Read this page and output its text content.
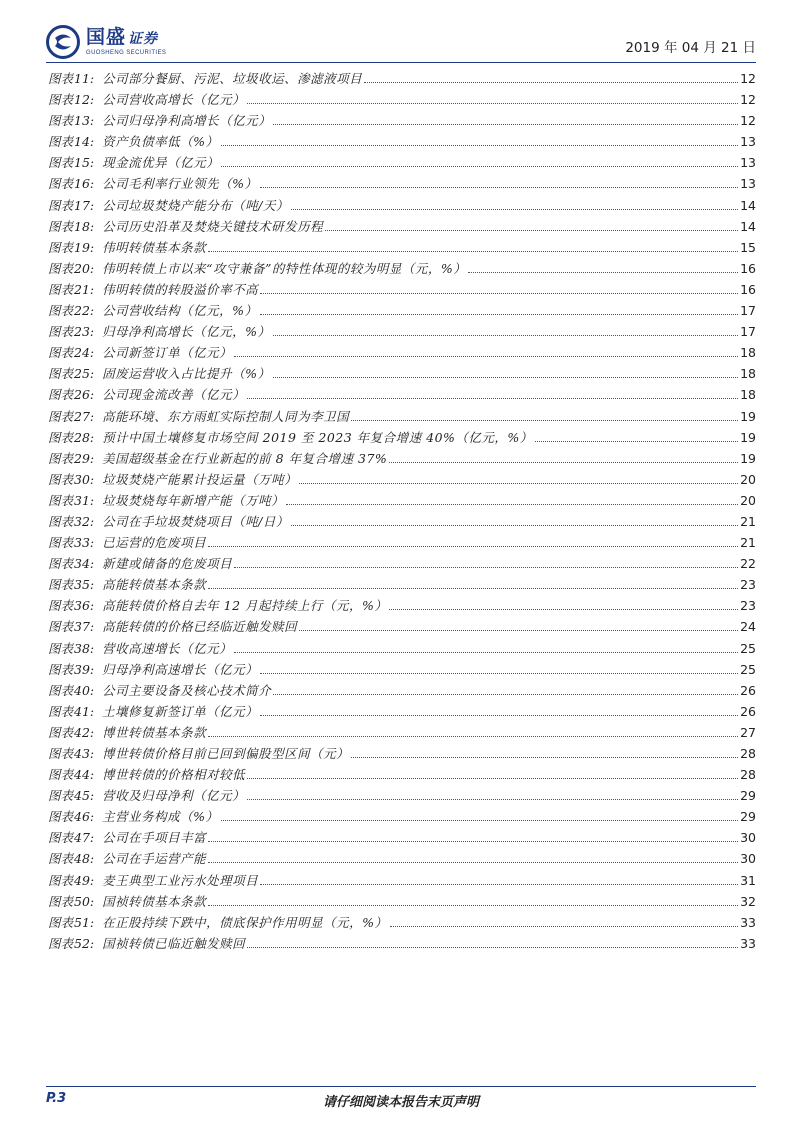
国盛 证券
GUOSHENG SECURITIES	2019 年 04 月 21 日
图表 11: 公司部分餐厨、污泥、垃圾收运、渗滤液项目	12
图表 12: 公司营收高增长（亿元）	12
图表 13: 公司归母净利高增长（亿元）	12
图表 14: 资产负债率低（%）	13
图表 15: 现金流优异（亿元）	13
图表 16: 公司毛利率行业领先（%）	13
图表 17: 公司垃圾焚烧产能分布（吨/天）	14
图表 18: 公司历史沿革及焚烧关键技术研发历程	14
图表 19: 伟明转债基本条款	15
图表 20: 伟明转债上市以来“攻守兼备”的特性体现的较为明显（元，%）	16
图表 21: 伟明转债的转股溢价率不高	16
图表 22: 公司营收结构（亿元，%）	17
图表 23: 归母净利高增长（亿元，%）	17
图表 24: 公司新签订单（亿元）	18
图表 25: 固废运营收入占比提升（%）	18
图表 26: 公司现金流改善（亿元）	18
图表 27: 高能环境、东方雨虹实际控制人同为李卫国	19
图表 28: 预计中国土壤修复市场空间 2019 至 2023 年复合增速 40%（亿元，%）	19
图表 29: 美国超级基金在行业新起的前 8 年复合增速 37%	19
图表 30: 垃圾焚烧产能累计投运量（万吨）	20
图表 31: 垃圾焚烧每年新增产能（万吨）	20
图表 32: 公司在手垃圾焚烧项目（吨/日）	21
图表 33: 已运营的危废项目	21
图表 34: 新建或储备的危废项目	22
图表 35: 高能转债基本条款	23
图表 36: 高能转债价格自去年 12 月起持续上行（元，%）	23
图表 37: 高能转债的价格已经临近触发赎回	24
图表 38: 营收高速增长（亿元）	25
图表 39: 归母净利高速增长（亿元）	25
图表 40: 公司主要设备及核心技术简介	26
图表 41: 土壤修复新签订单（亿元）	26
图表 42: 博世转债基本条款	27
图表 43: 博世转债价格目前已回到偏股型区间（元）	28
图表 44: 博世转债的价格相对较低	28
图表 45: 营收及归母净利（亿元）	29
图表 46: 主营业务构成（%）	29
图表 47: 公司在手项目丰富	30
图表 48: 公司在手运营产能	30
图表 49: 麦王典型工业污水处理项目	31
图表 50: 国祯转债基本条款	32
图表 51: 在正股持续下跌中，债底保护作用明显（元，%）	33
图表 52: 国祯转债已临近触发赎回	33
P.3	请仔细阅读本报告末页声明
